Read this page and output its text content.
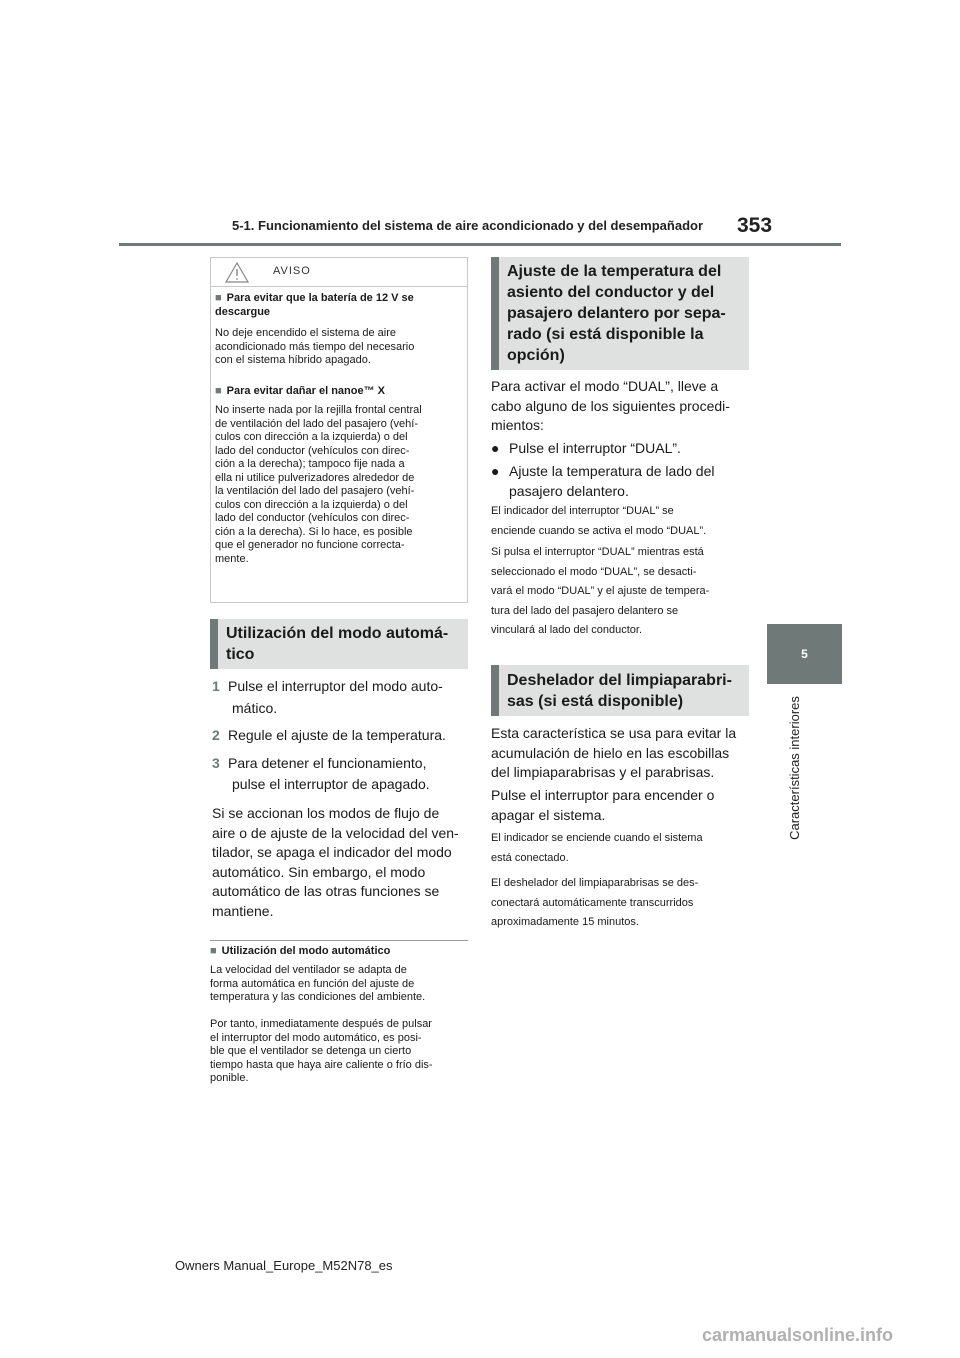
5-1. Funcionamiento del sistema de aire acondicionado y del desempañador 353
5
Características interiores
AVISO
■ Para evitar que la batería de 12 V se descargue
No deje encendido el sistema de aire
acondicionado más tiempo del necesario
con el sistema híbrido apagado.
■ Para evitar dañar el nanoe™ X
No inserte nada por la rejilla frontal central
de ventilación del lado del pasajero (vehí-
culos con dirección a la izquierda) o del
lado del conductor (vehículos con direc-
ción a la derecha); tampoco fije nada a
ella ni utilice pulverizadores alrededor de
la ventilación del lado del pasajero (vehí-
culos con dirección a la izquierda) o del
lado del conductor (vehículos con direc-
ción a la derecha). Si lo hace, es posible
que el generador no funcione correcta-
mente.
Utilización del modo automá-
tico
1 Pulse el interruptor del modo auto-
mático.
2 Regule el ajuste de la temperatura.
3 Para detener el funcionamiento,
pulse el interruptor de apagado.
Si se accionan los modos de flujo de
aire o de ajuste de la velocidad del ven-
tilador, se apaga el indicador del modo
automático. Sin embargo, el modo
automático de las otras funciones se
mantiene.
■ Utilización del modo automático
La velocidad del ventilador se adapta de
forma automática en función del ajuste de
temperatura y las condiciones del ambiente.
Por tanto, inmediatamente después de pulsar
el interruptor del modo automático, es posi-
ble que el ventilador se detenga un cierto
tiempo hasta que haya aire caliente o frío dis-
ponible.
Ajuste de la temperatura del
asiento del conductor y del
pasajero delantero por sepa-
rado (si está disponible la
opción)
Para activar el modo “DUAL”, lleve a
cabo alguno de los siguientes procedi-
mientos:
● Pulse el interruptor “DUAL”.
● Ajuste la temperatura de lado del
pasajero delantero.
El indicador del interruptor “DUAL” se
enciende cuando se activa el modo “DUAL”.
Si pulsa el interruptor “DUAL” mientras está
seleccionado el modo “DUAL”, se desacti-
vará el modo “DUAL” y el ajuste de tempera-
tura del lado del pasajero delantero se
vinculará al lado del conductor.
Deshelador del limpiaparabri-
sas (si está disponible)
Esta característica se usa para evitar la
acumulación de hielo en las escobillas
del limpiaparabrisas y el parabrisas.
Pulse el interruptor para encender o
apagar el sistema.
El indicador se enciende cuando el sistema
está conectado.
El deshelador del limpiaparabrisas se des-
conectará automáticamente transcurridos
aproximadamente 15 minutos.
Owners Manual_Europe_M52N78_es
carmanualsonline.info
